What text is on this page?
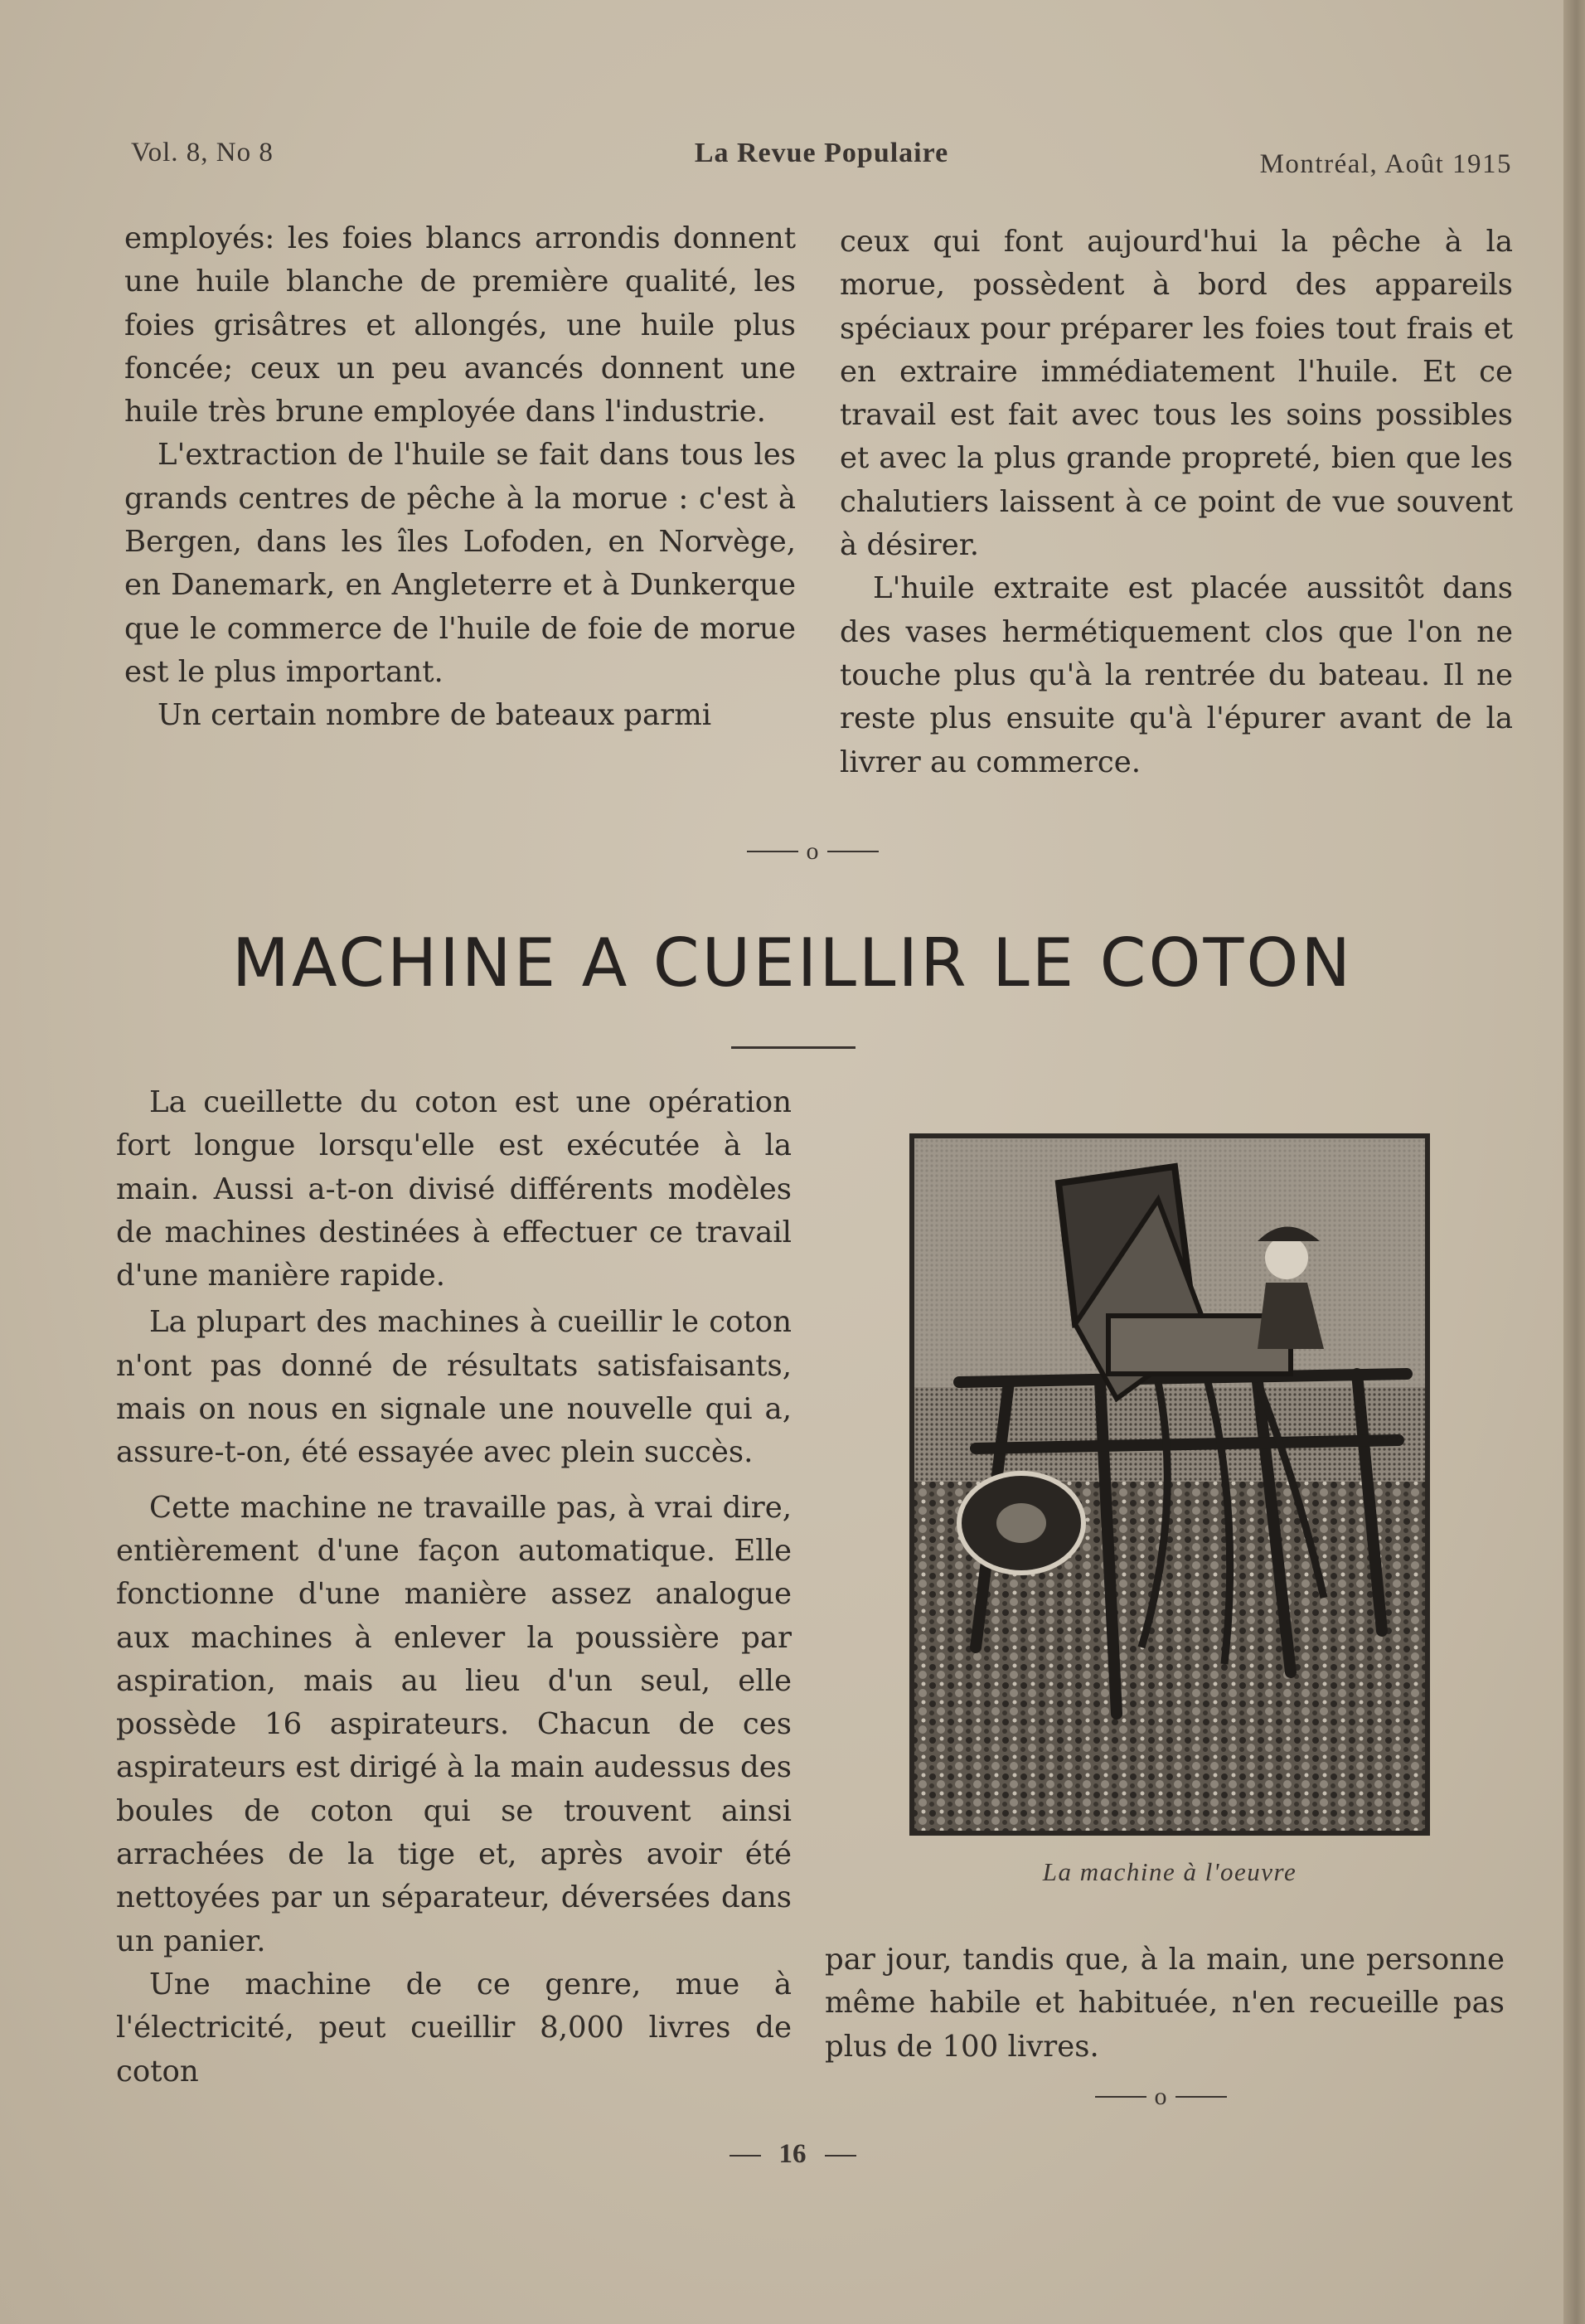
Vol. 8, No 8	La Revue Populaire	Montréal, Août 1915

employés: les foies blancs arrondis donnent une huile blanche de première qualité, les foies grisâtres et allongés, une huile plus foncée; ceux un peu avancés donnent une huile très brune employée dans l'industrie.

L'extraction de l'huile se fait dans tous les grands centres de pêche à la morue : c'est à Bergen, dans les îles Lofoden, en Norvège, en Danemark, en Angleterre et à Dunkerque que le commerce de l'huile de foie de morue est le plus important.

Un certain nombre de bateaux parmi

ceux qui font aujourd'hui la pêche à la morue, possèdent à bord des appareils spéciaux pour préparer les foies tout frais et en extraire immédiatement l'huile. Et ce travail est fait avec tous les soins possibles et avec la plus grande propreté, bien que les chalutiers laissent à ce point de vue souvent à désirer.

L'huile extraite est placée aussitôt dans des vases hermétiquement clos que l'on ne touche plus qu'à la rentrée du bateau. Il ne reste plus ensuite qu'à l'épurer avant de la livrer au commerce.

o
MACHINE A CUEILLIR LE COTON

La cueillette du coton est une opération fort longue lorsqu'elle est exécutée à la main. Aussi a-t-on divisé différents modèles de machines destinées à effectuer ce travail d'une manière rapide.

La plupart des machines à cueillir le coton n'ont pas donné de résultats satisfaisants, mais on nous en signale une nouvelle qui a, assure-t-on, été essayée avec plein succès.

Cette machine ne travaille pas, à vrai dire, entièrement d'une façon automatique. Elle fonctionne d'une manière assez analogue aux machines à enlever la poussière par aspiration, mais au lieu d'un seul, elle possède 16 aspirateurs. Chacun de ces aspirateurs est dirigé à la main audessus des boules de coton qui se trouvent ainsi arrachées de la tige et, après avoir été nettoyées par un séparateur, déversées dans un panier.

Une machine de ce genre, mue à l'électricité, peut cueillir 8,000 livres de coton

La machine à l'oeuvre

par jour, tandis que, à la main, une personne même habile et habituée, n'en recueille pas plus de 100 livres.

o
16
